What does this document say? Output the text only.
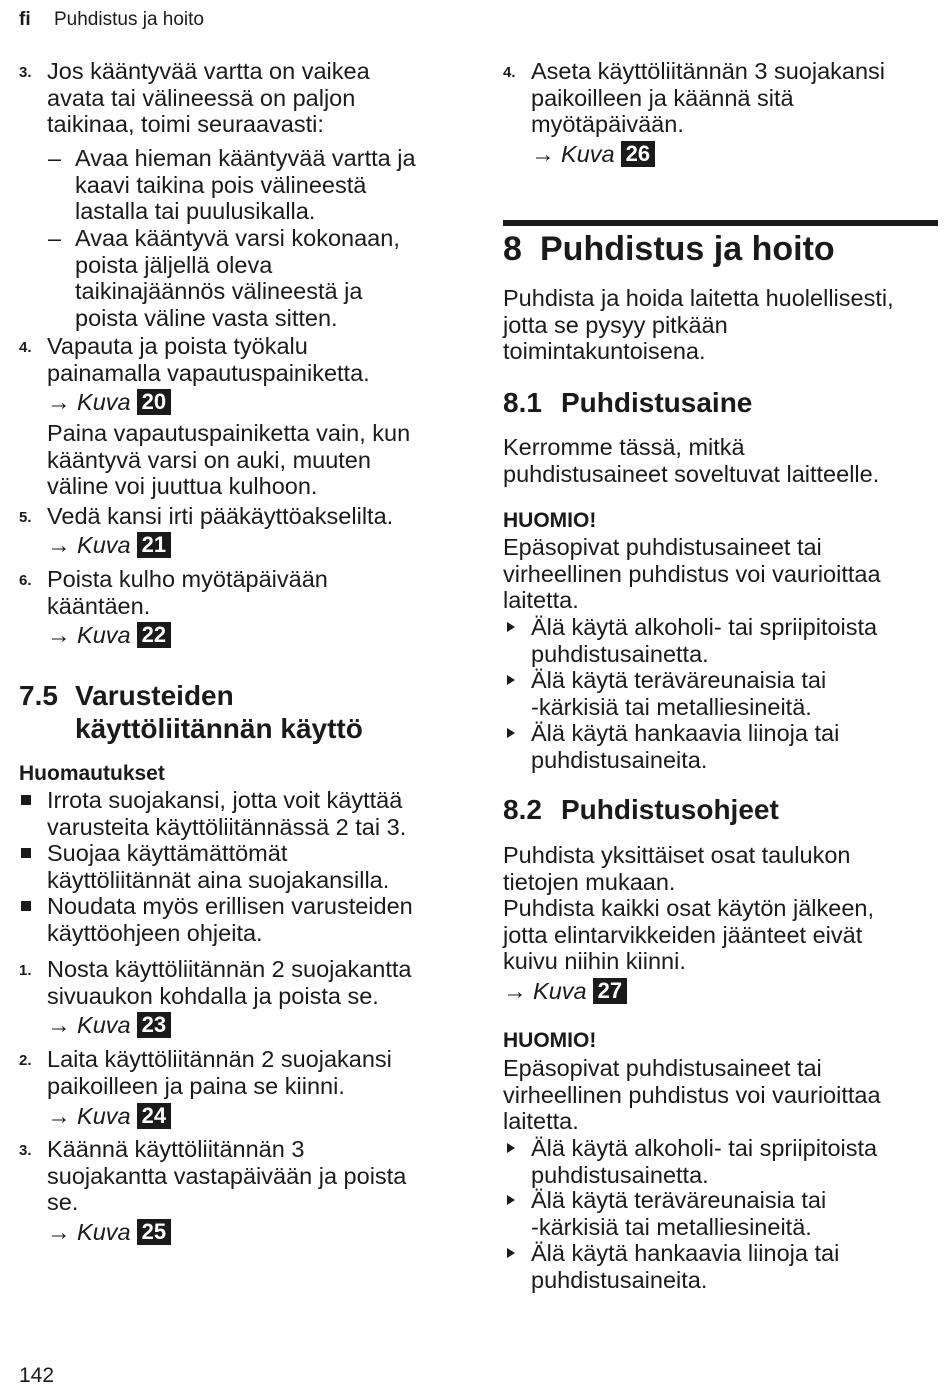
fi Puhdistus ja hoito
3. Jos kääntyvää vartta on vaikea
avata tai välineessä on paljon
taikinaa, toimi seuraavasti:
– Avaa hieman kääntyvää vartta ja
kaavi taikina pois välineestä
lastalla tai puulusikalla.
– Avaa kääntyvä varsi kokonaan,
poista jäljellä oleva
taikinajäännös välineestä ja
poista väline vasta sitten.
4. Vapauta ja poista työkalu
painamalla vapautuspainiketta.
→ Kuva 20
Paina vapautuspainiketta vain, kun
kääntyvä varsi on auki, muuten
väline voi juuttua kulhoon.
5. Vedä kansi irti pääkäyttöakselilta.
→ Kuva 21
6. Poista kulho myötäpäivään
kääntäen.
→ Kuva 22
7.5 Varusteiden
käyttöliitännän käyttö
Huomautukset
Irrota suojakansi, jotta voit käyttää
varusteita käyttöliitännässä 2 tai 3.
Suojaa käyttämättömät
käyttöliitännät aina suojakansilla.
Noudata myös erillisen varusteiden
käyttöohjeen ohjeita.
1. Nosta käyttöliitännän 2 suojakantta
sivuaukon kohdalla ja poista se.
→ Kuva 23
2. Laita käyttöliitännän 2 suojakansi
paikoilleen ja paina se kiinni.
→ Kuva 24
3. Käännä käyttöliitännän 3
suojakantta vastapäivään ja poista
se.
→ Kuva 25
4. Aseta käyttöliitännän 3 suojakansi
paikoilleen ja käännä sitä
myötäpäivään.
→ Kuva 26
8 Puhdistus ja hoito
Puhdista ja hoida laitetta huolellisesti,
jotta se pysyy pitkään
toimintakuntoisena.
8.1 Puhdistusaine
Kerromme tässä, mitkä
puhdistusaineet soveltuvat laitteelle.
HUOMIO!
Epäsopivat puhdistusaineet tai
virheellinen puhdistus voi vaurioittaa
laitetta.
Älä käytä alkoholi- tai spriipitoista
puhdistusainetta.
Älä käytä teräväreunaisia tai
-kärkisiä tai metalliesineitä.
Älä käytä hankaavia liinoja tai
puhdistusaineita.
8.2 Puhdistusohjeet
Puhdista yksittäiset osat taulukon
tietojen mukaan.
Puhdista kaikki osat käytön jälkeen,
jotta elintarvikkeiden jäänteet eivät
kuivu niihin kiinni.
→ Kuva 27
HUOMIO!
Epäsopivat puhdistusaineet tai
virheellinen puhdistus voi vaurioittaa
laitetta.
Älä käytä alkoholi- tai spriipitoista
puhdistusainetta.
Älä käytä teräväreunaisia tai
-kärkisiä tai metalliesineitä.
Älä käytä hankaavia liinoja tai
puhdistusaineita.
142
